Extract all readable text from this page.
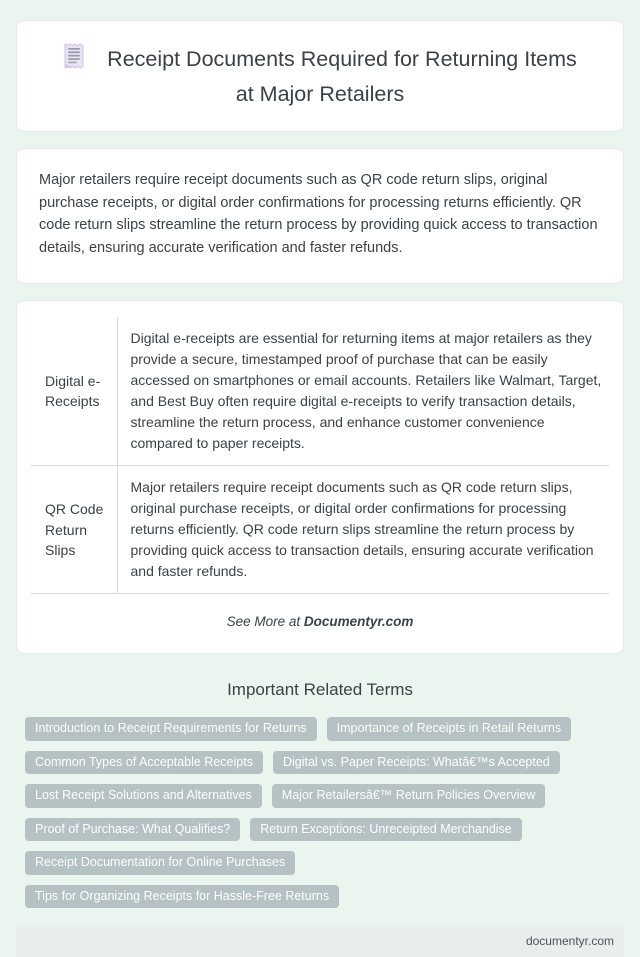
Receipt Documents Required for Returning Items at Major Retailers

Major retailers require receipt documents such as QR code return slips, original purchase receipts, or digital order confirmations for processing returns efficiently. QR code return slips streamline the return process by providing quick access to transaction details, ensuring accurate verification and faster refunds.

Digital e-Receipts	Digital e-receipts are essential for returning items at major retailers as they provide a secure, timestamped proof of purchase that can be easily accessed on smartphones or email accounts. Retailers like Walmart, Target, and Best Buy often require digital e-receipts to verify transaction details, streamline the return process, and enhance customer convenience compared to paper receipts.
QR Code Return Slips	Major retailers require receipt documents such as QR code return slips, original purchase receipts, or digital order confirmations for processing returns efficiently. QR code return slips streamline the return process by providing quick access to transaction details, ensuring accurate verification and faster refunds.
See More at Documentyr.com
Important Related Terms
Introduction to Receipt Requirements for Returns	Importance of Receipts in Retail Returns
Common Types of Acceptable Receipts	Digital vs. Paper Receipts: Whatâ€™s Accepted
Lost Receipt Solutions and Alternatives	Major Retailersâ€™ Return Policies Overview
Proof of Purchase: What Qualifies?	Return Exceptions: Unreceipted Merchandise
Receipt Documentation for Online Purchases
Tips for Organizing Receipts for Hassle-Free Returns
documentyr.com
